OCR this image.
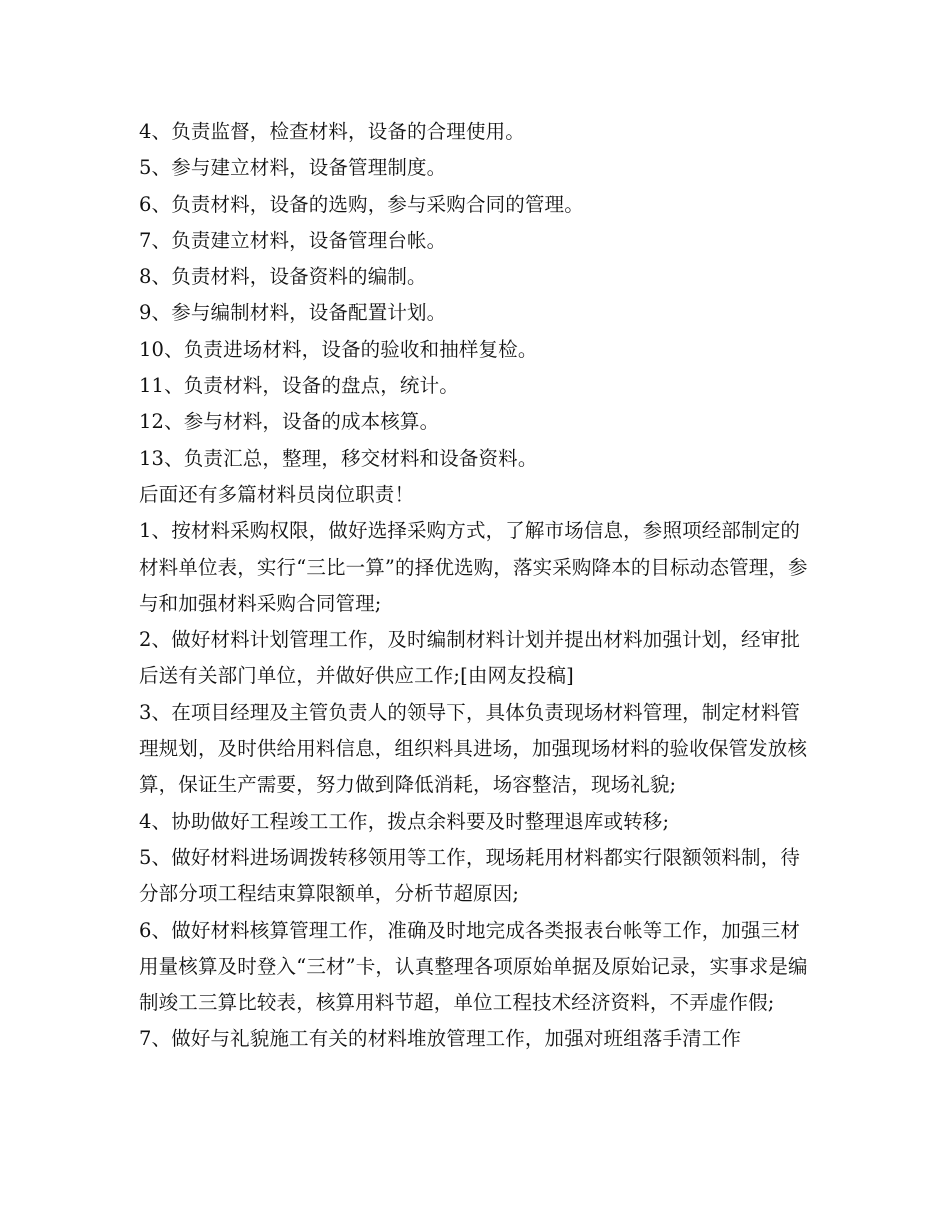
4、负责监督，检查材料，设备的合理使用。
5、参与建立材料，设备管理制度。
6、负责材料，设备的选购，参与采购合同的管理。
7、负责建立材料，设备管理台帐。
8、负责材料，设备资料的编制。
9、参与编制材料，设备配置计划。
10、负责进场材料，设备的验收和抽样复检。
11、负责材料，设备的盘点，统计。
12、参与材料，设备的成本核算。
13、负责汇总，整理，移交材料和设备资料。
后面还有多篇材料员岗位职责！
1、按材料采购权限，做好选择采购方式，了解市场信息，参照项经部制定的材料单位表，实行“三比一算”的择优选购，落实采购降本的目标动态管理，参与和加强材料采购合同管理;
2、做好材料计划管理工作，及时编制材料计划并提出材料加强计划，经审批后送有关部门单位，并做好供应工作;[由网友投稿]
3、在项目经理及主管负责人的领导下，具体负责现场材料管理，制定材料管理规划，及时供给用料信息，组织料具进场，加强现场材料的验收保管发放核算，保证生产需要，努力做到降低消耗，场容整洁，现场礼貌;
4、协助做好工程竣工工作，拨点余料要及时整理退库或转移;
5、做好材料进场调拨转移领用等工作，现场耗用材料都实行限额领料制，待分部分项工程结束算限额单，分析节超原因;
6、做好材料核算管理工作，准确及时地完成各类报表台帐等工作，加强三材用量核算及时登入“三材”卡，认真整理各项原始单据及原始记录，实事求是编制竣工三算比较表，核算用料节超，单位工程技术经济资料，不弄虚作假;
7、做好与礼貌施工有关的材料堆放管理工作，加强对班组落手清工作
